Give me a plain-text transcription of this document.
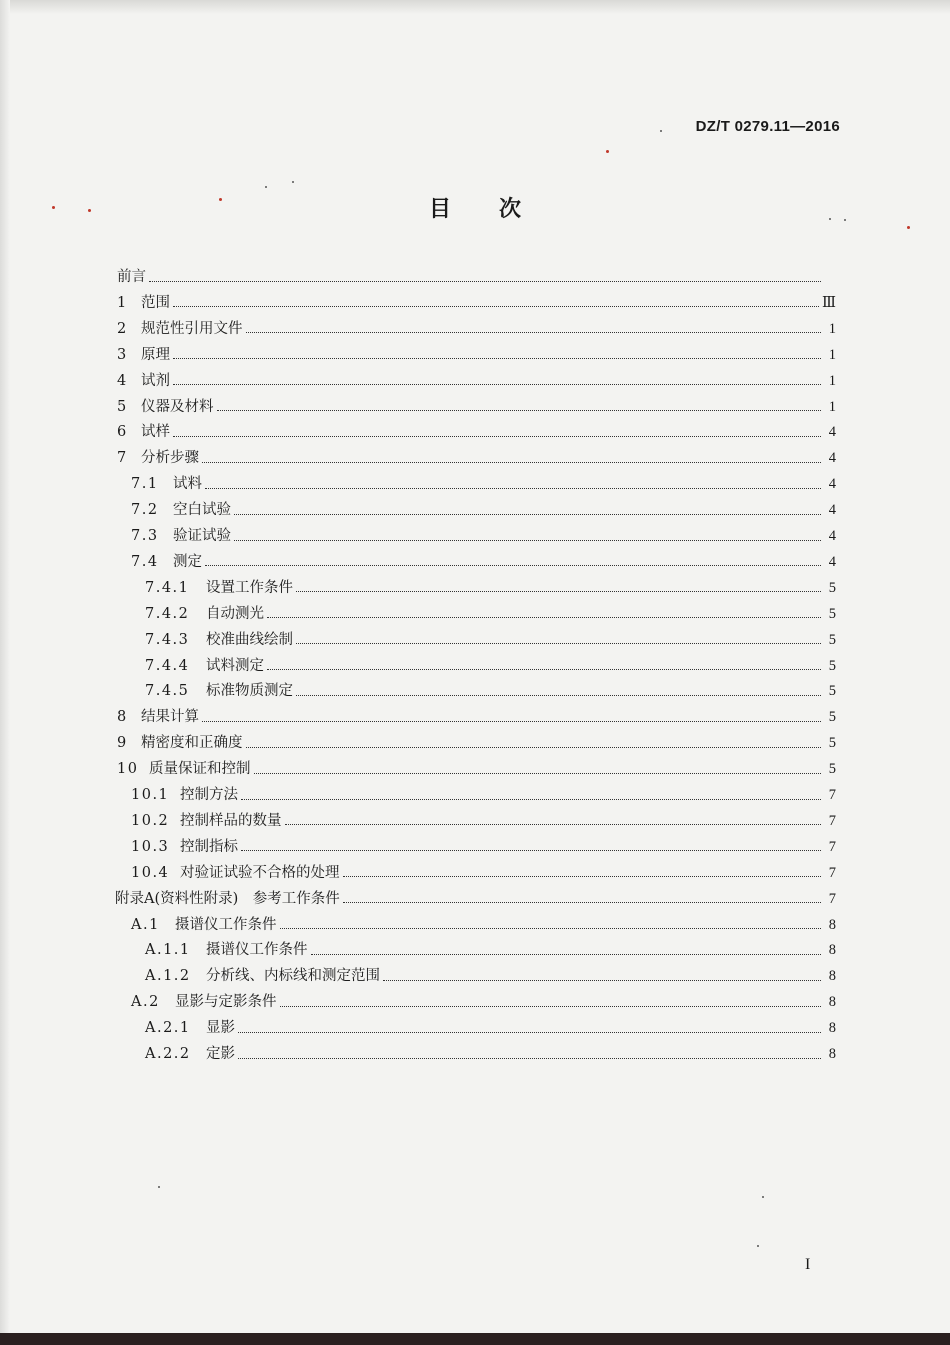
DZ/T 0279.11—2016
目次
前言
1 范围	Ⅲ
2 规范性引用文件	1
3 原理	1
4 试剂	1
5 仪器及材料	1
6 试样	4
7 分析步骤	4
7.1 试料	4
7.2 空白试验	4
7.3 验证试验	4
7.4 测定	4
7.4.1	设置工作条件	5
7.4.2	自动测光	5
7.4.3	校准曲线绘制	5
7.4.4	试料测定	5
7.4.5	标准物质测定	5
8 结果计算	5
9 精密度和正确度	5
10 质量保证和控制	5
10.1 控制方法	7
10.2 控制样品的数量	7
10.3 控制指标	7
10.4 对验证试验不合格的处理	7
附录A (资料性附录)　参考工作条件	7
A.1	摄谱仪工作条件	8
A.1.1	摄谱仪工作条件	8
A.1.2	分析线、内标线和测定范围	8
A.2	显影与定影条件	8
A.2.1	显影	8
A.2.2	定影	8
I
